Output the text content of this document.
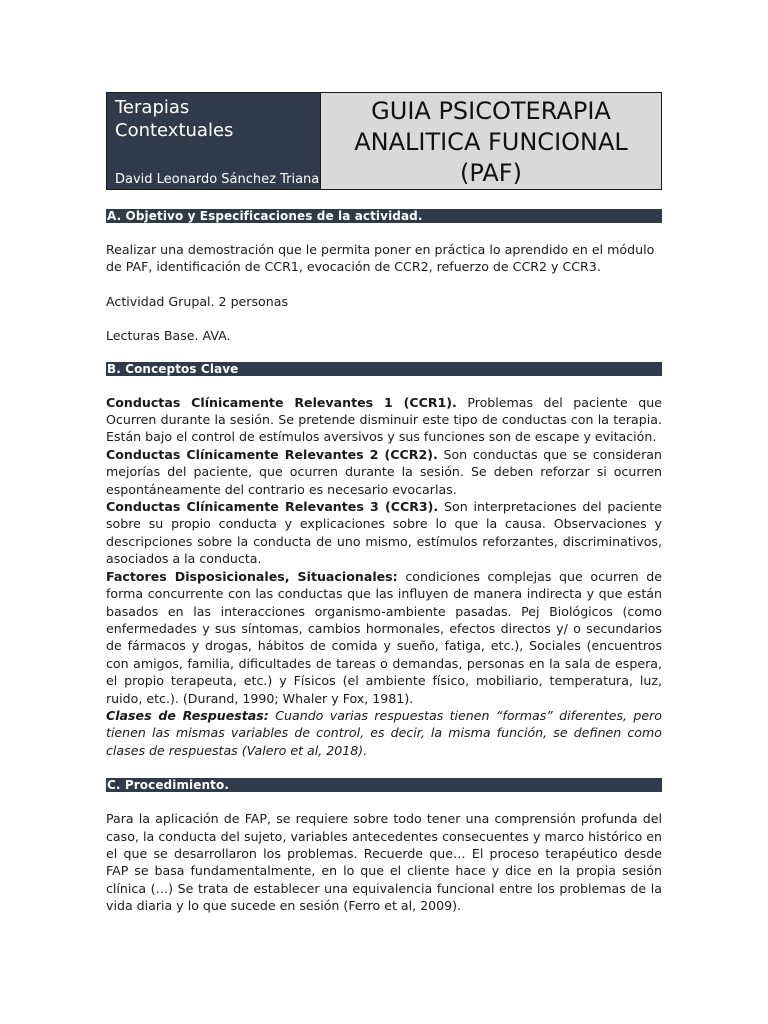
Terapias Contextuales
David Leonardo Sánchez Triana
GUIA PSICOTERAPIA ANALITICA FUNCIONAL (PAF)
A. Objetivo y Especificaciones de la actividad.

Realizar una demostración que le permita poner en práctica lo aprendido en el módulo de PAF, identificación de CCR1, evocación de CCR2, refuerzo de CCR2 y CCR3.

Actividad Grupal. 2 personas

Lecturas Base. AVA.

B. Conceptos Clave

Conductas Clínicamente Relevantes 1 (CCR1). Problemas del paciente que Ocurren durante la sesión. Se pretende disminuir este tipo de conductas con la terapia. Están bajo el control de estímulos aversivos y sus funciones son de escape y evitación.

Conductas Clínicamente Relevantes 2 (CCR2). Son conductas que se consideran mejorías del paciente, que ocurren durante la sesión. Se deben reforzar si ocurren espontáneamente del contrario es necesario evocarlas.

Conductas Clínicamente Relevantes 3 (CCR3). Son interpretaciones del paciente sobre su propio conducta y explicaciones sobre lo que la causa. Observaciones y descripciones sobre la conducta de uno mismo, estímulos reforzantes, discriminativos, asociados a la conducta.

Factores Disposicionales, Situacionales: condiciones complejas que ocurren de forma concurrente con las conductas que las influyen de manera indirecta y que están basados en las interacciones organismo-ambiente pasadas. Pej Biológicos (como enfermedades y sus síntomas, cambios hormonales, efectos directos y/ o secundarios de fármacos y drogas, hábitos de comida y sueño, fatiga, etc.), Sociales (encuentros con amigos, familia, dificultades de tareas o demandas, personas en la sala de espera, el propio terapeuta, etc.) y Físicos (el ambiente físico, mobiliario, temperatura, luz, ruido, etc.). (Durand, 1990; Whaler y Fox, 1981).

Clases de Respuestas: Cuando varias respuestas tienen “formas” diferentes, pero tienen las mismas variables de control, es decir, la misma función, se definen como clases de respuestas (Valero et al, 2018).

C. Procedimiento.

Para la aplicación de FAP, se requiere sobre todo tener una comprensión profunda del caso, la conducta del sujeto, variables antecedentes consecuentes y marco histórico en el que se desarrollaron los problemas. Recuerde que… El proceso terapéutico desde FAP se basa fundamentalmente, en lo que el cliente hace y dice en la propia sesión clínica (…) Se trata de establecer una equivalencia funcional entre los problemas de la vida diaria y lo que sucede en sesión (Ferro et al, 2009).
